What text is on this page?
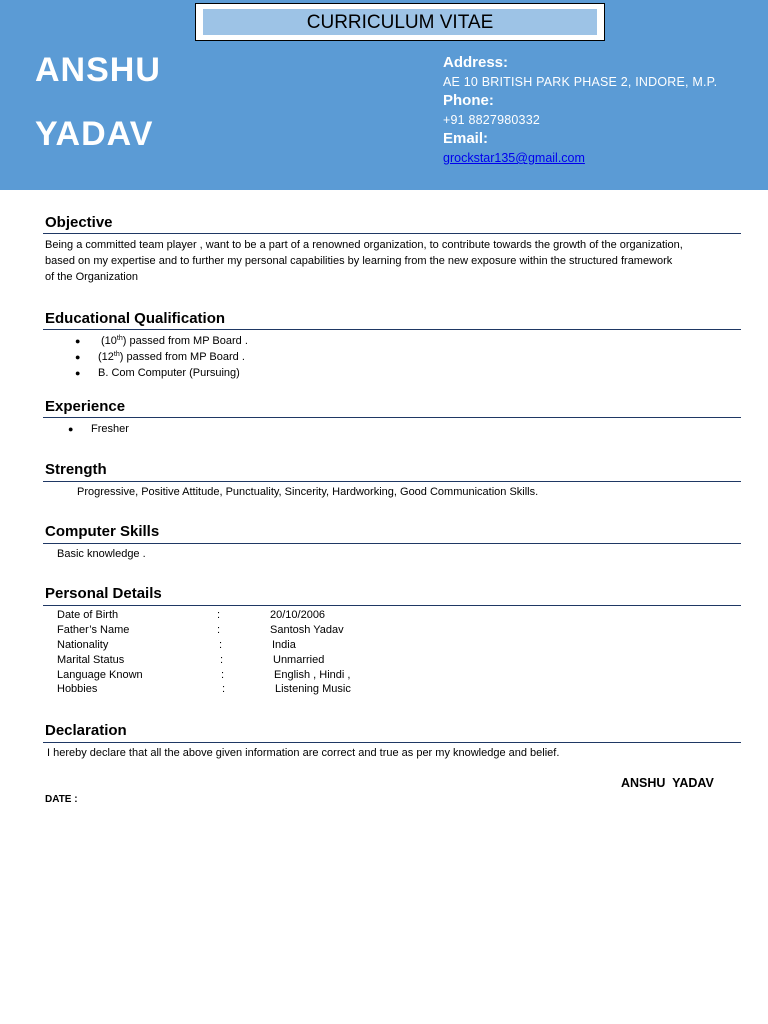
CURRICULUM VITAE
ANSHU
YADAV
Address:
AE 10 BRITISH PARK PHASE 2, INDORE, M.P.
Phone:
+91 8827980332
Email:
grockstar135@gmail.com
Objective
Being a committed team player , want to be a part of a renowned organization, to contribute towards the growth of the organization,
based on my expertise and to further my personal capabilities by learning from the new exposure within the structured framework
of the Organization
Educational Qualification
● (10th) passed from MP Board .
● (12th) passed from MP Board .
● B. Com Computer (Pursuing)
Experience
● Fresher
Strength
Progressive, Positive Attitude, Punctuality, Sincerity, Hardworking, Good Communication Skills.
Computer Skills
Basic knowledge .
Personal Details
Date of Birth	:	20/10/2006
Father’s Name	:	Santosh Yadav
Nationality	:	India
Marital Status	:	Unmarried
Language Known	:	English , Hindi ,
Hobbies	:	Listening Music
Declaration
I hereby declare that all the above given information are correct and true as per my knowledge and belief.
ANSHU  YADAV
DATE :
